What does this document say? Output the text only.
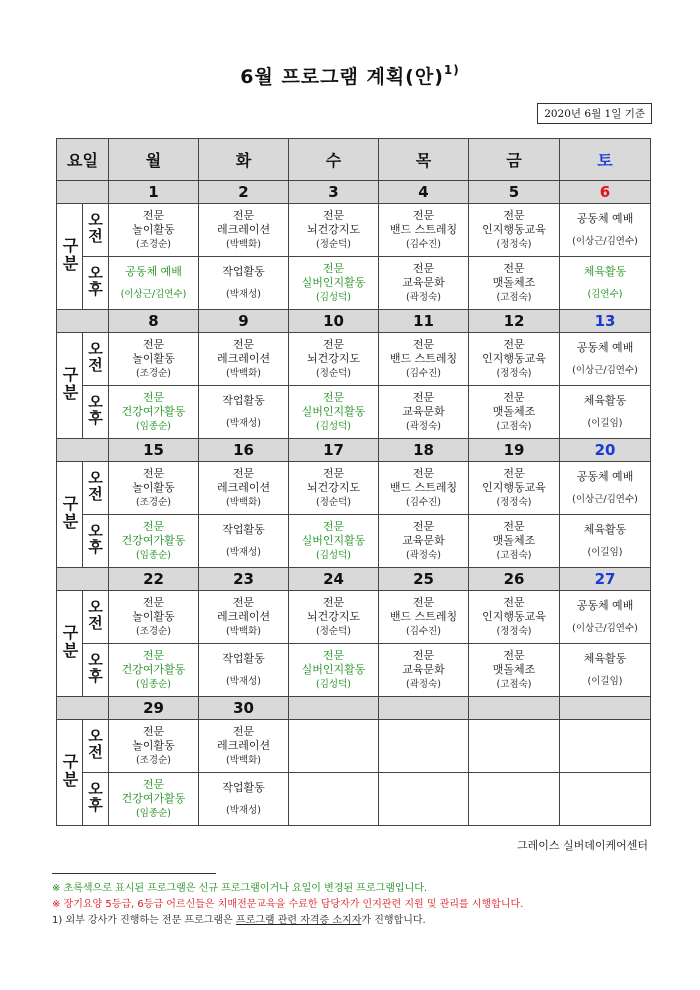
6월 프로그램 계획(안)$^{1)}$
2020년 6월 1일 기준
요일		월	화	수	목	금	토
		1	2	3	4	5	6
구분	오전	전문
놀이활동
(조경순)	전문
레크레이션
(박백화)	전문
뇌건강지도
(정순덕)	전문
밴드 스트레칭
(김수진)	전문
인지행동교육
(정정숙)	공동체 예배
(이상근/김연수)

	오후	공동체 예배
(이상근/김연수)	작업활동
(박재성)	전문
실버인지활동
(김성덕)	전문
교육문화
(곽정숙)	전문
맷돌체조
(고점숙)	체육활동
(김연수)

		8	9	10	11	12	13
구분	오전	전문
놀이활동
(조경순)	전문
레크레이션
(박백화)	전문
뇌건강지도
(정순덕)	전문
밴드 스트레칭
(김수진)	전문
인지행동교육
(정정숙)	공동체 예배
(이상근/김연수)

	오후	전문
건강여가활동
(임종순)	작업활동
(박재성)	전문
실버인지활동
(김성덕)	전문
교육문화
(곽정숙)	전문
맷돌체조
(고점숙)	체육활동
(이길임)

		15	16	17	18	19	20
구분	오전	전문
놀이활동
(조경순)	전문
레크레이션
(박백화)	전문
뇌건강지도
(정순덕)	전문
밴드 스트레칭
(김수진)	전문
인지행동교육
(정정숙)	공동체 예배
(이상근/김연수)

	오후	전문
건강여가활동
(임종순)	작업활동
(박재성)	전문
실버인지활동
(김성덕)	전문
교육문화
(곽정숙)	전문
맷돌체조
(고점숙)	체육활동
(이길임)

		22	23	24	25	26	27
구분	오전	전문
놀이활동
(조경순)	전문
레크레이션
(박백화)	전문
뇌건강지도
(정순덕)	전문
밴드 스트레칭
(김수진)	전문
인지행동교육
(정정숙)	공동체 예배
(이상근/김연수)

	오후	전문
건강여가활동
(임종순)	작업활동
(박재성)	전문
실버인지활동
(김성덕)	전문
교육문화
(곽정숙)	전문
맷돌체조
(고점숙)	체육활동
(이길임)

		29	30				
구분	오전	전문
놀이활동
(조경순)	전문
레크레이션
(박백화)				

	오후	전문
건강여가활동
(임종순)	작업활동
(박재성)				

그레이스 실버데이케어센터
※ 초록색으로 표시된 프로그램은 신규 프로그램이거나 요일이 변경된 프로그램입니다.
※ 장기요양 5등급, 6등급 어르신들은 치매전문교육을 수료한 담당자가 인지관련 지원 및 관리를 시행합니다.
1) 외부 강사가 진행하는 전문 프로그램은 프로그램 관련 자격증 소지자가 진행합니다.
